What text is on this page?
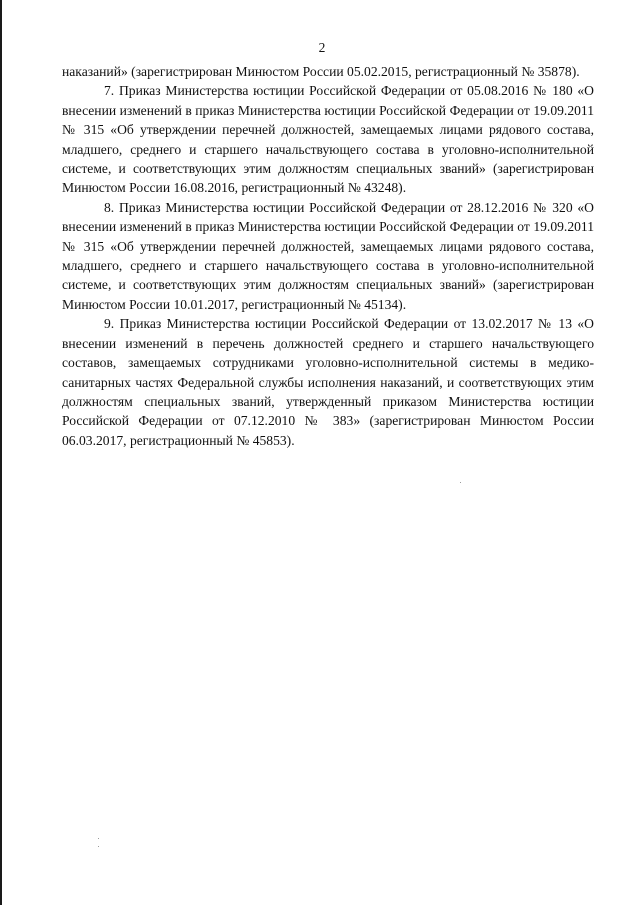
2

наказаний» (зарегистрирован Минюстом России 05.02.2015, регистрационный № 35878).

7. Приказ Министерства юстиции Российской Федерации от 05.08.2016 № 180 «О внесении изменений в приказ Министерства юстиции Российской Федерации от 19.09.2011 № 315 «Об утверждении перечней должностей, замещаемых лицами рядового состава, младшего, среднего и старшего начальствующего состава в уголовно-исполнительной системе, и соответствующих этим должностям специальных званий» (зарегистрирован Минюстом России 16.08.2016, регистрационный № 43248).

8. Приказ Министерства юстиции Российской Федерации от 28.12.2016 № 320 «О внесении изменений в приказ Министерства юстиции Российской Федерации от 19.09.2011 № 315 «Об утверждении перечней должностей, замещаемых лицами рядового состава, младшего, среднего и старшего начальствующего состава в уголовно-исполнительной системе, и соответствующих этим должностям специальных званий» (зарегистрирован Минюстом России 10.01.2017, регистрационный № 45134).

9. Приказ Министерства юстиции Российской Федерации от 13.02.2017 № 13 «О внесении изменений в перечень должностей среднего и старшего начальствующего составов, замещаемых сотрудниками уголовно-исполнительной системы в медико-санитарных частях Федеральной службы исполнения наказаний, и соответствующих этим должностям специальных званий, утвержденный приказом Министерства юстиции Российской Федерации от 07.12.2010 № 383» (зарегистрирован Минюстом России 06.03.2017, регистрационный № 45853).
